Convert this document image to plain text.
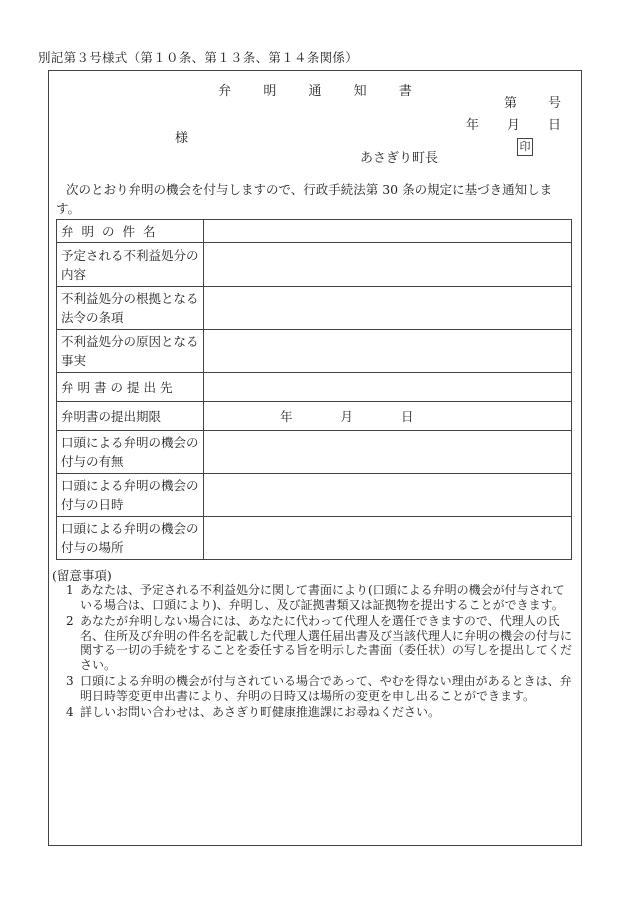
別記第３号様式（第１０条、第１３条、第１４条関係）
弁 明 通 知 書
第 号
年 月 日
様
あさぎり町長
印
次のとおり弁明の機会を付与しますので、行政手続法第 30 条の規定に基づき通知します。
弁明の件名	
予定される不利益処分の内容	
不利益処分の根拠となる法令の条項	
不利益処分の原因となる事実	
弁明書の提出先	
弁明書の提出期限	年 月 日
口頭による弁明の機会の付与の有無	
口頭による弁明の機会の付与の日時	
口頭による弁明の機会の付与の場所	
(留意事項)
1 あなたは、予定される不利益処分に関して書面により(口頭による弁明の機会が付与されている場合は、口頭により)、弁明し、及び証拠書類又は証拠物を提出することができます。
2 あなたが弁明しない場合には、あなたに代わって代理人を選任できますので、代理人の氏名、住所及び弁明の件名を記載した代理人選任届出書及び当該代理人に弁明の機会の付与に関する一切の手続をすることを委任する旨を明示した書面（委任状）の写しを提出してください。
3 口頭による弁明の機会が付与されている場合であって、やむを得ない理由があるときは、弁明日時等変更申出書により、弁明の日時又は場所の変更を申し出ることができます。
4 詳しいお問い合わせは、あさぎり町健康推進課にお尋ねください。
